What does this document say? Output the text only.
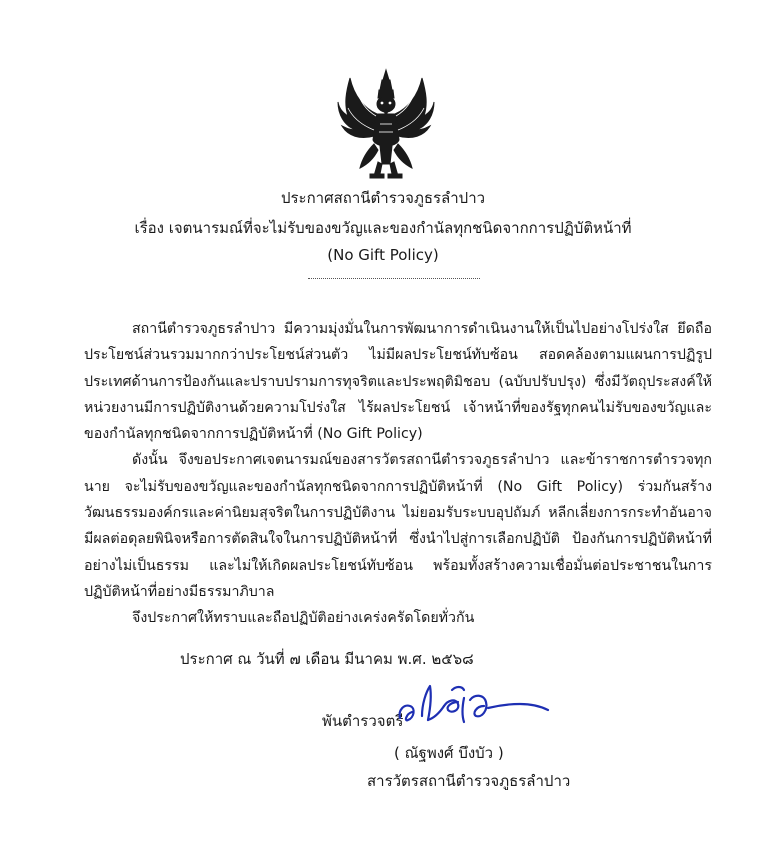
ประกาศสถานีตำรวจภูธรลำปาว
เรื่อง เจตนารมณ์ที่จะไม่รับของขวัญและของกำนัลทุกชนิดจากการปฏิบัติหน้าที่
(No Gift Policy)

สถานีตำรวจภูธรลำปาว มีความมุ่งมั่นในการพัฒนาการดำเนินงานให้เป็นไปอย่างโปร่งใส ยึดถือประโยชน์ส่วนรวมมากกว่าประโยชน์ส่วนตัว ไม่มีผลประโยชน์ทับซ้อน สอดคล้องตามแผนการปฏิรูปประเทศด้านการป้องกันและปราบปรามการทุจริตและประพฤติมิชอบ (ฉบับปรับปรุง) ซึ่งมีวัตถุประสงค์ให้หน่วยงานมีการปฏิบัติงานด้วยความโปร่งใส ไร้ผลประโยชน์ เจ้าหน้าที่ของรัฐทุกคนไม่รับของขวัญและของกำนัลทุกชนิดจากการปฏิบัติหน้าที่ (No Gift Policy)

ดังนั้น จึงขอประกาศเจตนารมณ์ของสารวัตรสถานีตำรวจภูธรลำปาว และข้าราชการตำรวจทุกนาย จะไม่รับของขวัญและของกำนัลทุกชนิดจากการปฏิบัติหน้าที่ (No Gift Policy) ร่วมกันสร้างวัฒนธรรมองค์กรและค่านิยมสุจริตในการปฏิบัติงาน ไม่ยอมรับระบบอุปถัมภ์ หลีกเลี่ยงการกระทำอันอาจมีผลต่อดุลยพินิจหรือการตัดสินใจในการปฏิบัติหน้าที่ ซึ่งนำไปสู่การเลือกปฏิบัติ ป้องกันการปฏิบัติหน้าที่อย่างไม่เป็นธรรม และไม่ให้เกิดผลประโยชน์ทับซ้อน พร้อมทั้งสร้างความเชื่อมั่นต่อประชาชนในการปฏิบัติหน้าที่อย่างมีธรรมาภิบาล

จึงประกาศให้ทราบและถือปฏิบัติอย่างเคร่งครัดโดยทั่วกัน

ประกาศ ณ วันที่ ๗ เดือน มีนาคม พ.ศ. ๒๕๖๘
พันตำรวจตรี
( ณัฐพงศ์ บึงบัว )
สารวัตรสถานีตำรวจภูธรลำปาว
